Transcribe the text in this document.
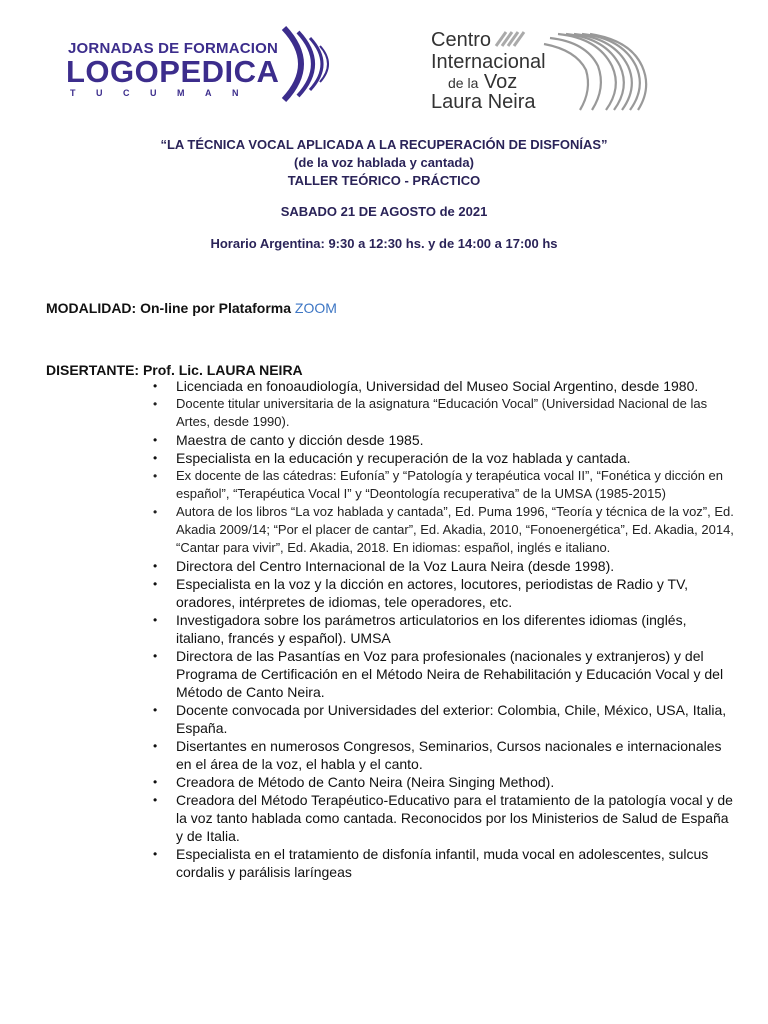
JORNADAS DE FORMACION
LOGOPEDICA
TUCUMAN
Centro
Internacional
de la Voz
Laura Neira
“LA TÉCNICA VOCAL APLICADA A LA RECUPERACIÓN DE DISFONÍAS”
(de la voz hablada y cantada)
TALLER TEÓRICO - PRÁCTICO
SABADO 21 DE AGOSTO de 2021
Horario Argentina: 9:30 a 12:30 hs. y de 14:00 a 17:00 hs
MODALIDAD: On-line por Plataforma ZOOM
DISERTANTE: Prof. Lic. LAURA NEIRA
• Licenciada en fonoaudiología, Universidad del Museo Social Argentino, desde 1980.
• Docente titular universitaria de la asignatura “Educación Vocal” (Universidad Nacional de las Artes, desde 1990).
• Maestra de canto y dicción desde 1985.
• Especialista en la educación y recuperación de la voz hablada y cantada.
• Ex docente de las cátedras: Eufonía” y “Patología y terapéutica vocal II”, “Fonética y dicción en español”, “Terapéutica Vocal I” y “Deontología recuperativa” de la UMSA (1985-2015)
• Autora de los libros “La voz hablada y cantada”, Ed. Puma 1996, “Teoría y técnica de la voz”, Ed. Akadia 2009/14; “Por el placer de cantar”, Ed. Akadia, 2010, “Fonoenergética”, Ed. Akadia, 2014, “Cantar para vivir”, Ed. Akadia, 2018. En idiomas: español, inglés e italiano.
• Directora del Centro Internacional de la Voz Laura Neira (desde 1998).
• Especialista en la voz y la dicción en actores, locutores, periodistas de Radio y TV, oradores, intérpretes de idiomas, tele operadores, etc.
• Investigadora sobre los parámetros articulatorios en los diferentes idiomas (inglés, italiano, francés y español). UMSA
• Directora de las Pasantías en Voz para profesionales (nacionales y extranjeros) y del Programa de Certificación en el Método Neira de Rehabilitación y Educación Vocal y del Método de Canto Neira.
• Docente convocada por Universidades del exterior: Colombia, Chile, México, USA, Italia, España.
• Disertantes en numerosos Congresos, Seminarios, Cursos nacionales e internacionales en el área de la voz, el habla y el canto.
• Creadora de Método de Canto Neira (Neira Singing Method).
• Creadora del Método Terapéutico-Educativo para el tratamiento de la patología vocal y de la voz tanto hablada como cantada. Reconocidos por los Ministerios de Salud de España y de Italia.
• Especialista en el tratamiento de disfonía infantil, muda vocal en adolescentes, sulcus cordalis y parálisis laríngeas
